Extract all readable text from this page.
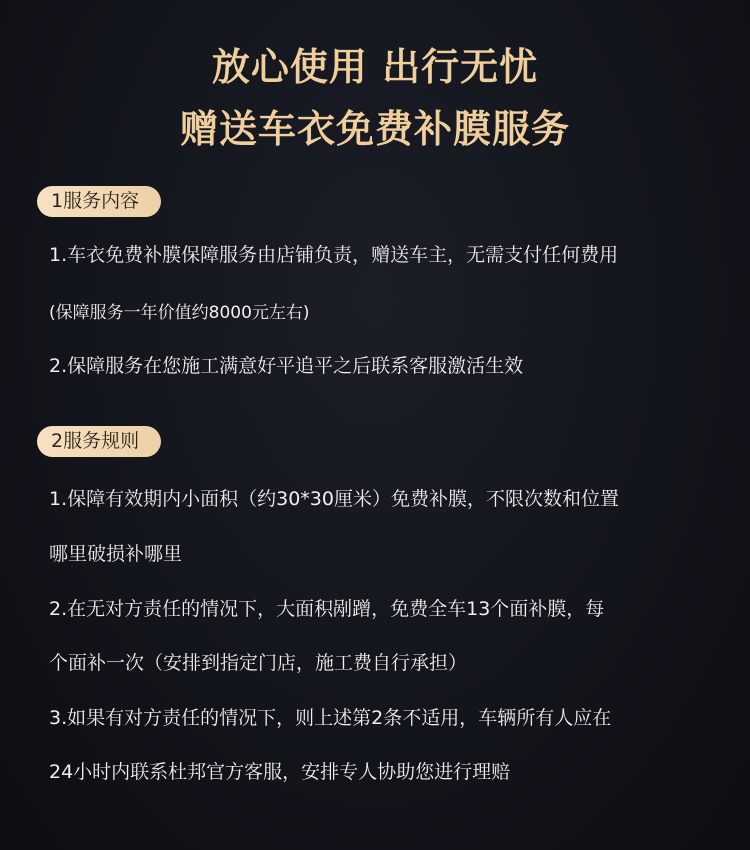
放心使用 出行无忧
赠送车衣免费补膜服务
1服务内容
1.车衣免费补膜保障服务由店铺负责，赠送车主，无需支付任何费用
(保障服务一年价值约8000元左右)
2.保障服务在您施工满意好平追平之后联系客服激活生效
2服务规则
1.保障有效期内小面积（约30*30厘米）免费补膜，不限次数和位置
哪里破损补哪里
2.在无对方责任的情况下，大面积剐蹭，免费全车13个面补膜，每
个面补一次（安排到指定门店，施工费自行承担）
3.如果有对方责任的情况下，则上述第2条不适用，车辆所有人应在
24小时内联系杜邦官方客服，安排专人协助您进行理赔
